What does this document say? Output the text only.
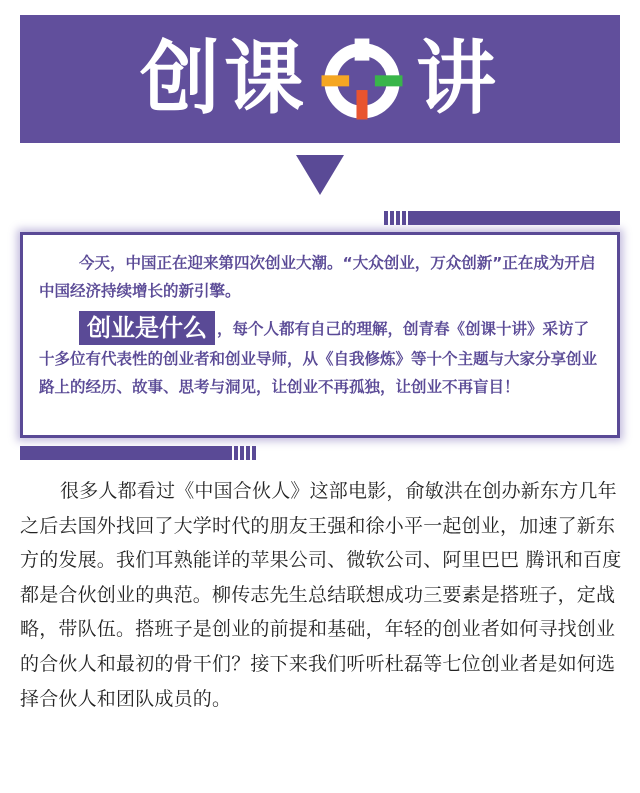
创课 讲

今天，中国正在迎来第四次创业大潮。“大众创业，万众创新”正在成为开启中国经济持续增长的新引擎。

创业是什么 ，每个人都有自己的理解，创青春《创课十讲》采访了十多位有代表性的创业者和创业导师，从《自我修炼》等十个主题与大家分享创业路上的经历、故事、思考与洞见，让创业不再孤独，让创业不再盲目！

很多人都看过《中国合伙人》这部电影，俞敏洪在创办新东方几年之后去国外找回了大学时代的朋友王强和徐小平一起创业，加速了新东方的发展。我们耳熟能详的苹果公司、微软公司、阿里巴巴 腾讯和百度都是合伙创业的典范。柳传志先生总结联想成功三要素是搭班子，定战略，带队伍。搭班子是创业的前提和基础，年轻的创业者如何寻找创业的合伙人和最初的骨干们？接下来我们听听杜磊等七位创业者是如何选择合伙人和团队成员的。
